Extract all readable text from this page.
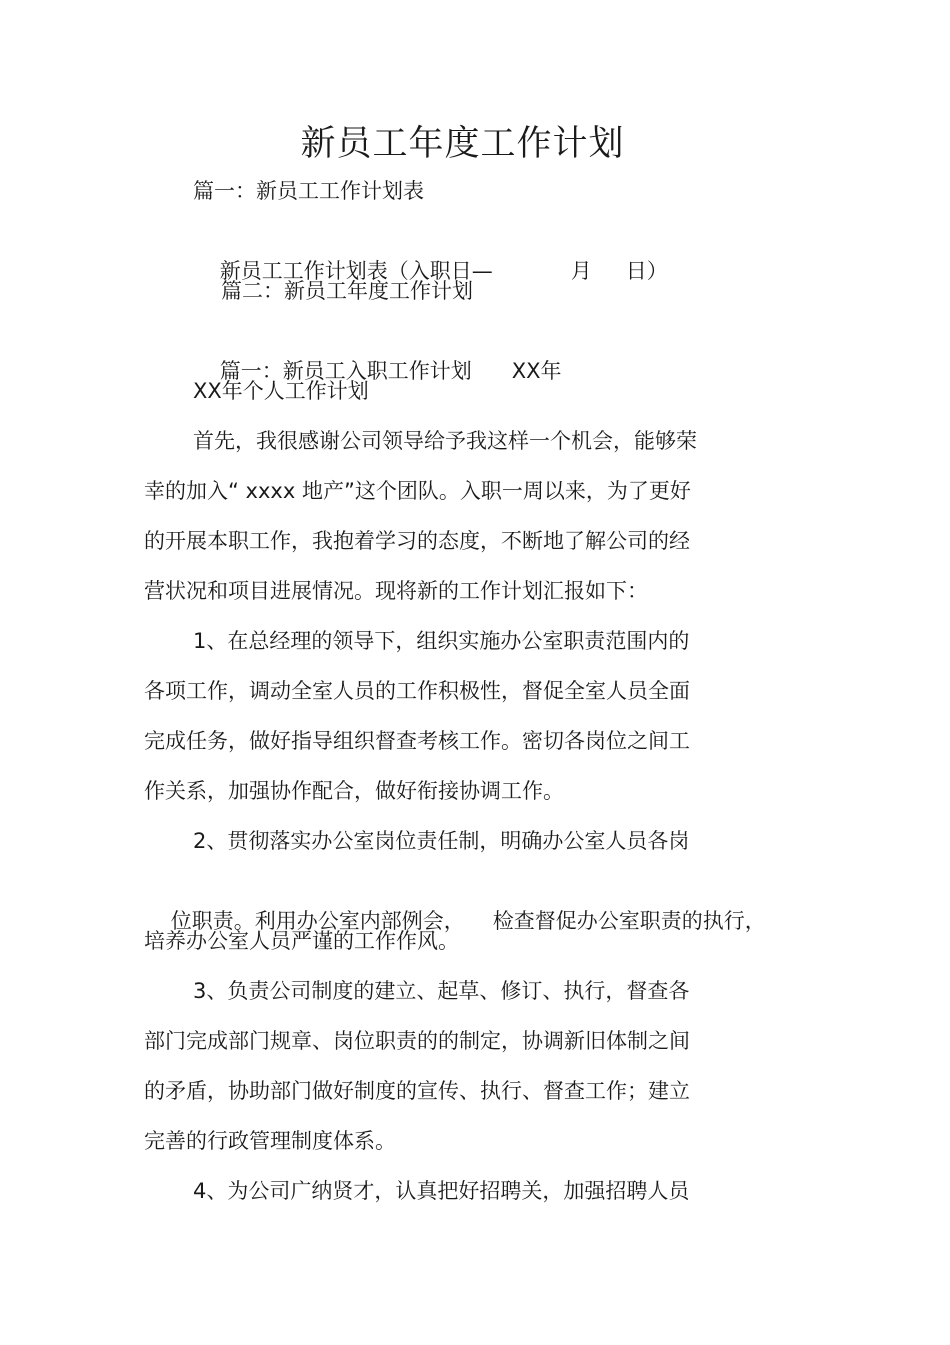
新员工年度工作计划
篇一：新员工工作计划表

新员工工作计划表（入职日—	月 日）

篇二：新员工年度工作计划

篇一：新员工入职工作计划 XX年

XX年个人工作计划
首先，我很感谢公司领导给予我这样一个机会，能够荣
幸的加入“ xxxx 地产”这个团队。入职一周以来，为了更好
的开展本职工作，我抱着学习的态度，不断地了解公司的经
营状况和项目进展情况。现将新的工作计划汇报如下：
1、在总经理的领导下，组织实施办公室职责范围内的
各项工作，调动全室人员的工作积极性，督促全室人员全面
完成任务，做好指导组织督查考核工作。密切各岗位之间工
作关系，加强协作配合，做好衔接协调工作。
2、贯彻落实办公室岗位责任制，明确办公室人员各岗

位职责。利用办公室内部例会， 检查督促办公室职责的执行，

培养办公室人员严谨的工作作风。
3、负责公司制度的建立、起草、修订、执行，督查各
部门完成部门规章、岗位职责的的制定，协调新旧体制之间
的矛盾，协助部门做好制度的宣传、执行、督查工作；建立
完善的行政管理制度体系。
4、为公司广纳贤才，认真把好招聘关，加强招聘人员
